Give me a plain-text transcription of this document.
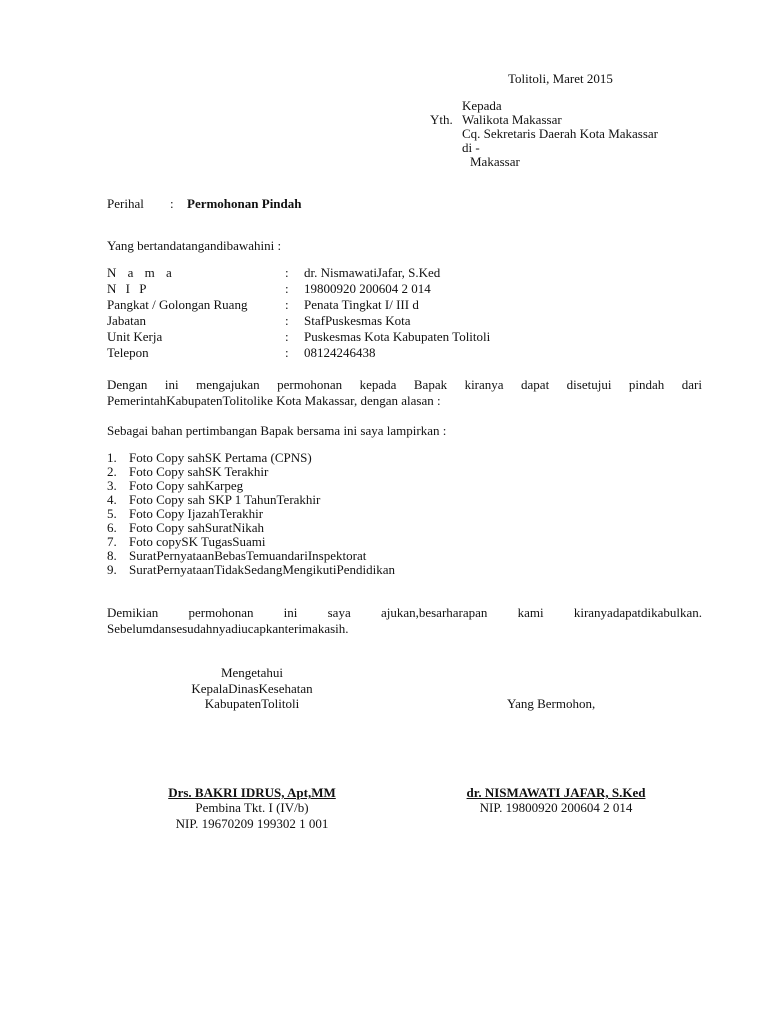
Tolitoli, Maret 2015
Kepada
Yth. Walikota Makassar
Cq. Sekretaris Daerah Kota Makassar
di -
Makassar
Perihal : Permohonan Pindah
Yang bertandatangandibawahini :
N a m a	: dr. NismawatiJafar, S.Ked
N I P	: 19800920 200604 2 014
Pangkat / Golongan Ruang	: Penata Tingkat I/ III d
Jabatan	: StafPuskesmas Kota
Unit Kerja	: Puskesmas Kota Kabupaten Tolitoli
Telepon	: 08124246438
Dengan ini mengajukan permohonan kepada Bapak kiranya dapat disetujui pindah dari
PemerintahKabupatenTolitolike Kota Makassar, dengan alasan :
Sebagai bahan pertimbangan Bapak bersama ini saya lampirkan :
1. Foto Copy sahSK Pertama (CPNS)
2. Foto Copy sahSK Terakhir
3. Foto Copy sahKarpeg
4. Foto Copy sah SKP 1 TahunTerakhir
5. Foto Copy IjazahTerakhir
6. Foto Copy sahSuratNikah
7. Foto copySK TugasSuami
8. SuratPernyataanBebasTemuandariInspektorat
9. SuratPernyataanTidakSedangMengikutiPendidikan
Demikian permohonan ini saya ajukan,besarharapan kami kiranyadapatdikabulkan.
Sebelumdansesudahnyadiucapkanterimakasih.
Mengetahui
KepalaDinasKesehatan
KabupatenTolitoli	Yang Bermohon,
Drs. BAKRI IDRUS, Apt,MM
Pembina Tkt. I (IV/b)
NIP. 19670209 199302 1 001
dr. NISMAWATI JAFAR, S.Ked
NIP. 19800920 200604 2 014
